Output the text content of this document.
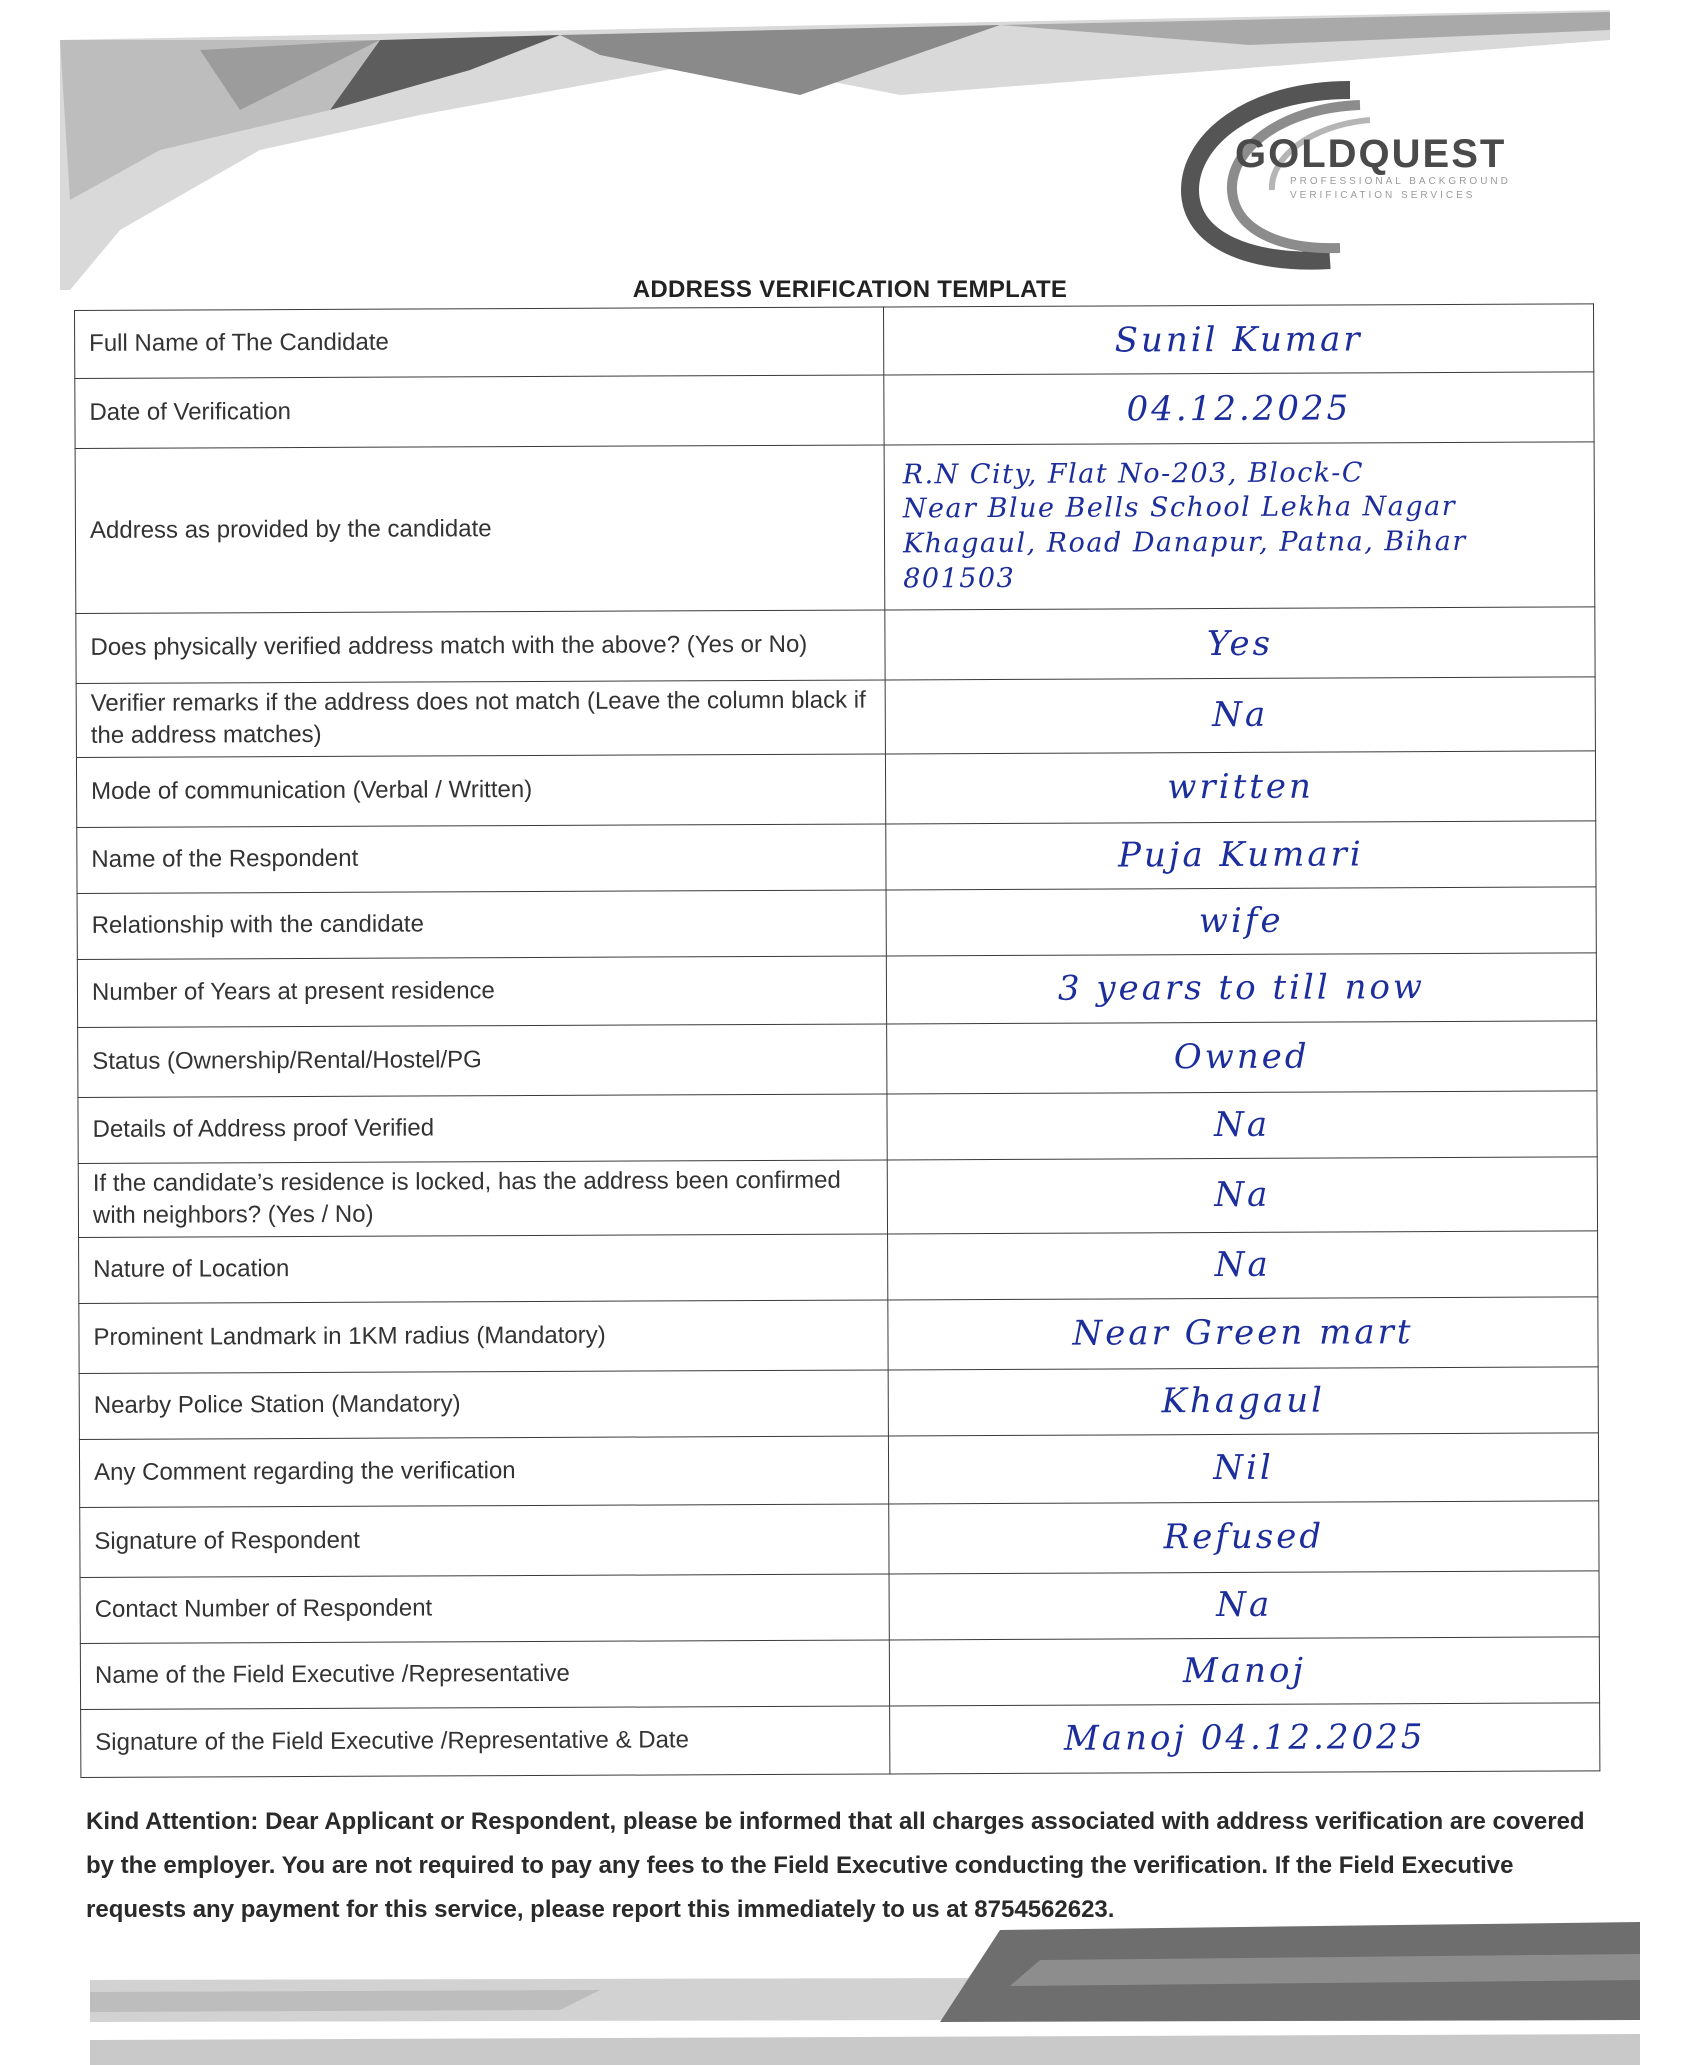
GOLDQUEST
PROFESSIONAL BACKGROUND
VERIFICATION SERVICES
ADDRESS VERIFICATION TEMPLATE
Full Name of The Candidate	Sunil Kumar
Date of Verification	04.12.2025
Address as provided by the candidate	R.N City, Flat No-203, Block-C
Near Blue Bells School Lekha Nagar
Khagaul, Road Danapur, Patna, Bihar
801503

Does physically verified address match with the above? (Yes or No)	Yes
Verifier remarks if the address does not match (Leave the column black if the address matches)	Na
Mode of communication (Verbal / Written)	written
Name of the Respondent	Puja Kumari
Relationship with the candidate	wife
Number of Years at present residence	3 years to till now
Status (Ownership/Rental/Hostel/PG	Owned
Details of Address proof Verified	Na
If the candidate’s residence is locked, has the address been confirmed with neighbors? (Yes / No)	Na
Nature of Location	Na
Prominent Landmark in 1KM radius (Mandatory)	Near Green mart
Nearby Police Station (Mandatory)	Khagaul
Any Comment regarding the verification	Nil
Signature of Respondent	Refused
Contact Number of Respondent	Na
Name of the Field Executive /Representative	Manoj
Signature of the Field Executive /Representative & Date	Manoj 04.12.2025
Kind Attention: Dear Applicant or Respondent, please be informed that all charges associated with address verification are covered by the employer. You are not required to pay any fees to the Field Executive conducting the verification. If the Field Executive requests any payment for this service, please report this immediately to us at 8754562623.
